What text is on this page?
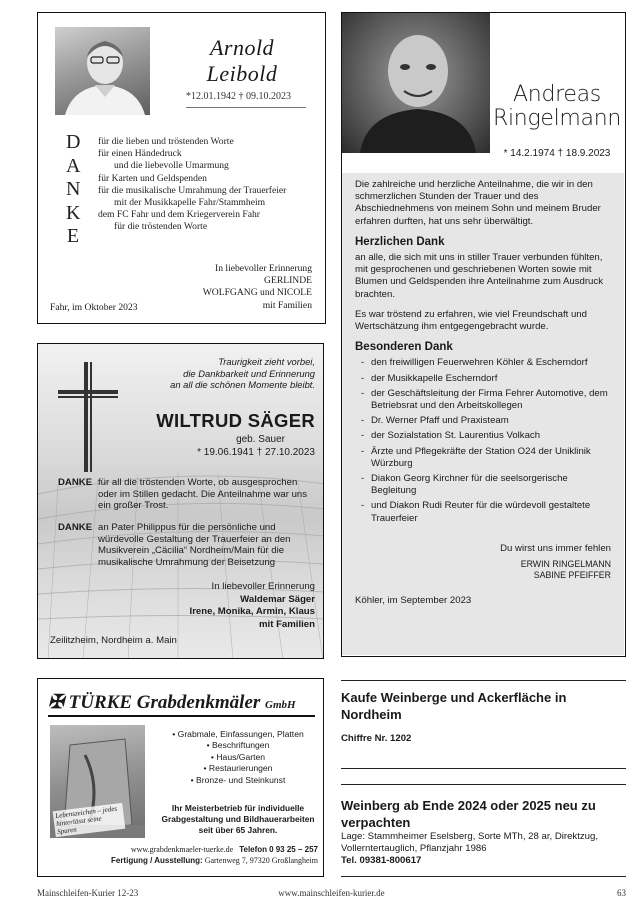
Arnold
Leibold
*12.01.1942 † 09.10.2023
D
A
N
K
E
für die lieben und tröstenden Worte
für einen Händedruck
und die liebevolle Umarmung
für Karten und Geldspenden
für die musikalische Umrahmung der Trauerfeier
mit der Musikkapelle Fahr/Stammheim
dem FC Fahr und dem Kriegerverein Fahr
für die tröstenden Worte
In liebevoller Erinnerung
GERLINDE
WOLFGANG und NICOLE
mit Familien
Fahr, im Oktober 2023
Andreas
Ringelmann
* 14.2.1974 † 18.9.2023

Die zahlreiche und herzliche Anteilnahme, die wir in den schmerzlichen Stunden der Trauer und des Abschiednehmens von meinem Sohn und meinem Bruder erfahren durften, hat uns sehr überwältigt.

Herzlichen Dank

an alle, die sich mit uns in stiller Trauer verbunden fühlten, mit gesprochenen und geschriebenen Worten sowie mit Blumen und Geldspenden ihre Anteilnahme zum Ausdruck brachten.

Es war tröstend zu erfahren, wie viel Freundschaft und Wertschätzung ihm entgegengebracht wurde.

Besonderen Dank
- den freiwilligen Feuerwehren Köhler & Escherndorf
- der Musikkapelle Escherndorf
- der Geschäftsleitung der Firma Fehrer Automotive, dem Betriebsrat und den Arbeitskollegen
- Dr. Werner Pfaff und Praxisteam
- der Sozialstation St. Laurentius Volkach
- Ärzte und Pflegekräfte der Station O24 der Uniklinik Würzburg
- Diakon Georg Kirchner für die seelsorgerische Begleitung
- und Diakon Rudi Reuter für die würdevoll gestaltete Trauerfeier
Du wirst uns immer fehlen
ERWIN RINGELMANN
SABINE PFEIFFER
Köhler, im September 2023
Traurigkeit zieht vorbei,
die Dankbarkeit und Erinnerung
an all die schönen Momente bleibt.
WILTRUD SÄGER
geb. Sauer
* 19.06.1941 † 27.10.2023
DANKE für all die tröstenden Worte, ob ausgesprochen oder im Stillen gedacht. Die Anteilnahme war uns ein großer Trost.
DANKE an Pater Philippus für die persönliche und würdevolle Gestaltung der Trauerfeier an den Musikverein „Cäcilia“ Nordheim/Main für die musikalische Umrahmung der Beisetzung
In liebevoller Erinnerung
Waldemar Säger
Irene, Monika, Armin, Klaus
mit Familien
Zeilitzheim, Nordheim a. Main
✠ TÜRKE Grabdenkmäler GmbH
Lebenszeichen – jedes hinterlässt seine Spuren
• Grabmale, Einfassungen, Platten
• Beschriftungen
• Haus/Garten
• Restaurierungen
• Bronze- und Steinkunst
Ihr Meisterbetrieb für individuelle Grabgestaltung und Bildhauerarbeiten seit über 65 Jahren.
www.grabdenkmaeler-tuerke.de Telefon 0 93 25 – 257
Fertigung / Ausstellung: Gartenweg 7, 97320 Großlangheim
Kaufe Weinberge und Ackerfläche in Nordheim
Chiffre Nr. 1202
Weinberg ab Ende 2024 oder 2025 neu zu verpachten
Lage: Stammheimer Eselsberg, Sorte MTh, 28 ar, Direktzug, Vollerntertauglich, Pflanzjahr 1986
Tel. 09381-800617
Mainschleifen-Kurier 12-23	www.mainschleifen-kurier.de	63
